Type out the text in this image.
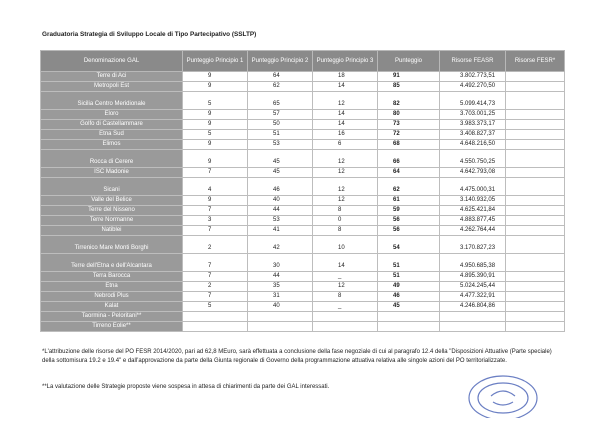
Graduatoria Strategia di Sviluppo Locale di Tipo Partecipativo (SSLTP)
Denominazione GAL	Punteggio Principio 1	Punteggio Principio 2	Punteggio Principio 3	Punteggio	Risorse FEASR	Risorse FESR*
Terre di Aci	9	64	18	91	3.802.773,51	
Metropoli Est	9	62	14	85	4.492.270,50	
Sicilia Centro Meridionale	5	65	12	82	5.099.414,73	
Eloro	9	57	14	80	3.703.001,25	
Golfo di Castellammare	9	50	14	73	3.983.373,17	
Etna Sud	5	51	16	72	3.408.827,37	
Elimos	9	53	6	68	4.648.216,50	
Rocca di Cerere	9	45	12	66	4.550.750,25	
ISC Madonie	7	45	12	64	4.642.793,08	
Sicani	4	46	12	62	4.475.000,31	
Valle del Belice	9	40	12	61	3.140.932,05	
Terre del Nisseno	7	44	8	59	4.625.421,84	
Terre Normanne	3	53	0	56	4.883.877,45	
Natiblei	7	41	8	56	4.262.764,44	
Tirrenico Mare Monti Borghi	2	42	10	54	3.170.827,23	
Terre dell'Etna e dell'Alcantara	7	30	14	51	4.950.685,38	
Terra Barocca	7	44	_	51	4.895.390,91	
Etna	2	35	12	49	5.024.245,44	
Nebrodi Plus	7	31	8	46	4.477.322,91	
Kalat	5	40	_	45	4.246.804,86	
Taormina - Peloritani**						
Tirreno Eolie**						
*L'attribuzione delle risorse del PO FESR 2014/2020, pari ad 62,8 MEuro, sarà effettuata a conclusione della fase negoziale di cui al paragrafo 12.4 della "Disposizioni Attuative (Parte speciale) della sottomisura 19.2 e 19.4" e dall'approvazione da parte della Giunta regionale di Governo della programmazione attuativa relativa alle singole azioni del PO territorializzate.
**La valutazione delle Strategie proposte viene sospesa in attesa di chiarimenti da parte dei GAL interessati.
